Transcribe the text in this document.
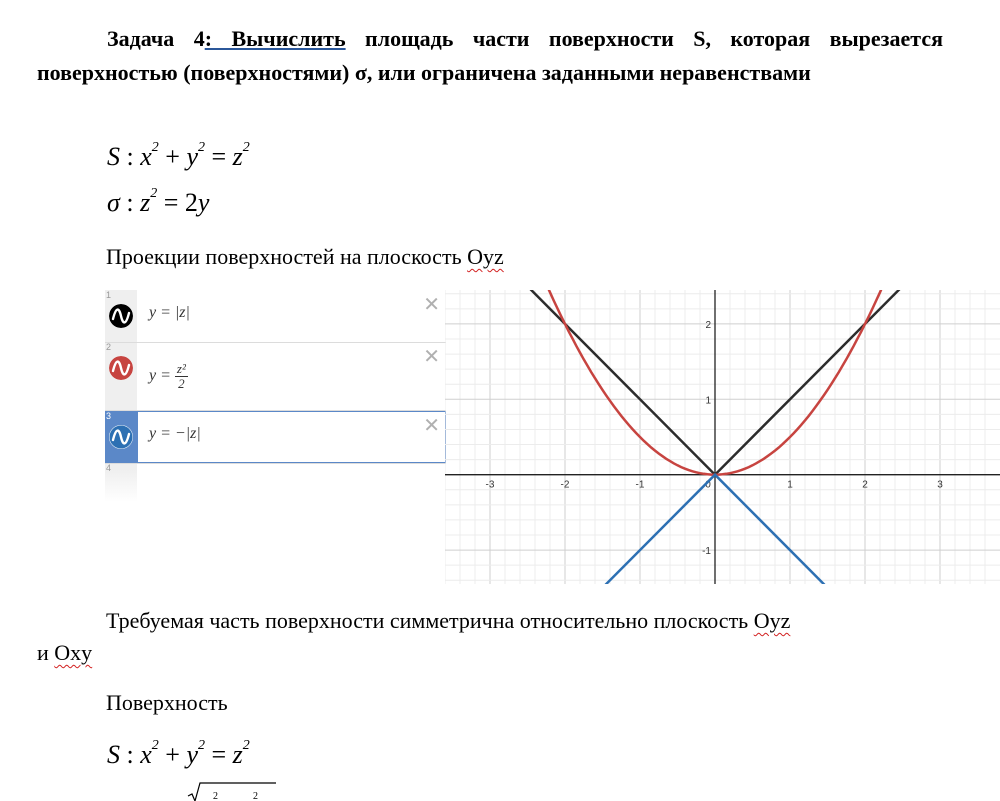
Задача 4: Вычислить площадь части поверхности S, которая вырезается поверхностью (поверхностями) σ, или ограничена заданными неравенствами
S : $x^2 + y^2 = z^2$
σ : $z^2 = 2y$
Проекции поверхностей на плоскость Oyz
1
y = |z|	✕
2
$y = \frac{\text{z²}}{2}$
✕
3
y = −|z|	✕
4
-3	-2	-1	0	1	2	3
-1
1
2
Требуемая часть поверхности симметрична относительно плоскость Oyz
и Oxy
Поверхность
S : $x^2 + y^2 = z^2$
2	2
